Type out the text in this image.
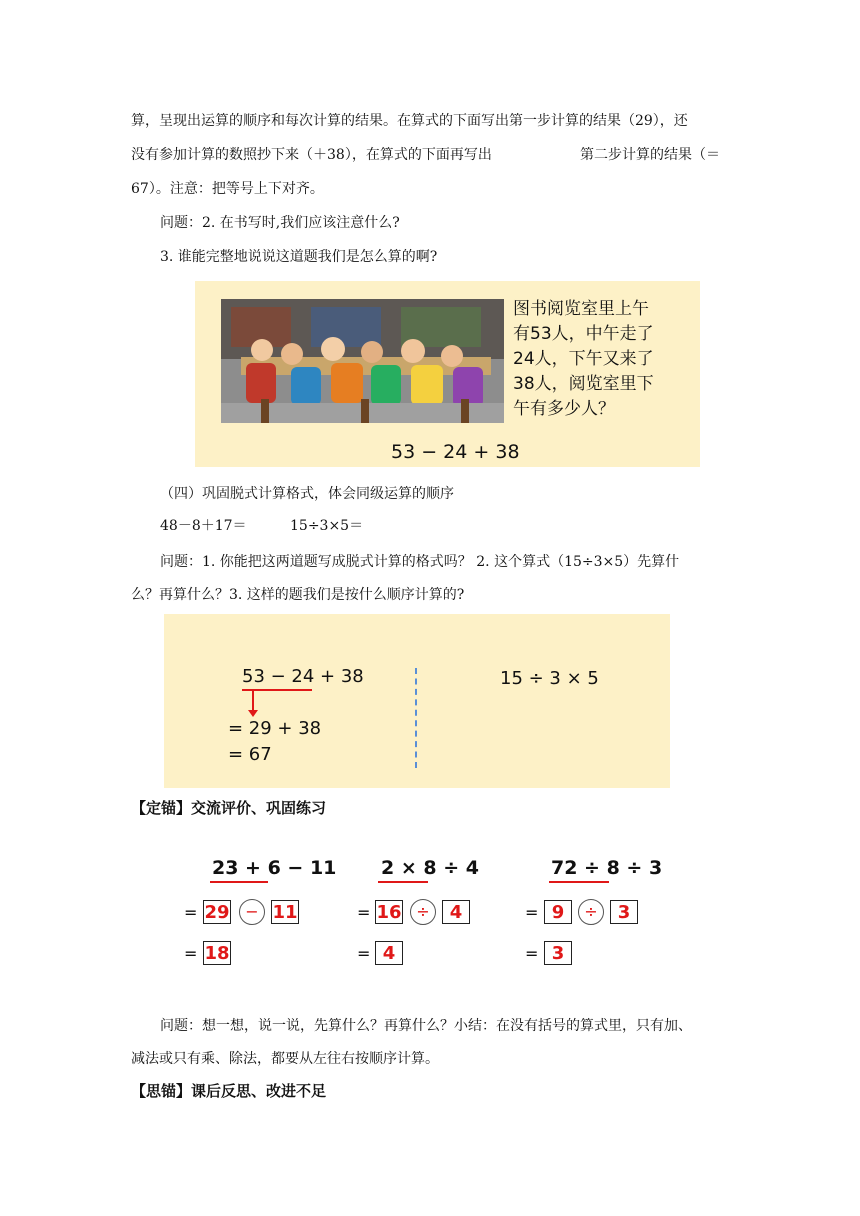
算，呈现出运算的顺序和每次计算的结果。在算式的下面写出第一步计算的结果（29），还
没有参加计算的数照抄下来（＋38），在算式的下面再写出	第二步计算的结果（＝
67）。注意：把等号上下对齐。
问题：2. 在书写时,我们应该注意什么?
3. 谁能完整地说说这道题我们是怎么算的啊?
图书阅览室里上午
有53人，中午走了
24人，下午又来了
38人，阅览室里下
午有多少人？
53 − 24 + 38
（四）巩固脱式计算格式，体会同级运算的顺序
48－8＋17＝	15÷3×5＝
问题：1. 你能把这两道题写成脱式计算的格式吗？ 2. 这个算式（15÷3×5）先算什
么？再算什么？3. 这样的题我们是按什么顺序计算的?
53 − 24 + 38
= 29 + 38
= 67
15 ÷ 3 × 5
【定锚】交流评价、巩固练习
23 + 6 − 11
= 29 − 11
= 18
2 × 8 ÷ 4
= 16 ÷	4
= 4
72 ÷ 8 ÷ 3
= 9	÷	3
= 3
问题：想一想，说一说，先算什么？再算什么？小结：在没有括号的算式里，只有加、
减法或只有乘、除法，都要从左往右按顺序计算。
【思锚】课后反思、改进不足
